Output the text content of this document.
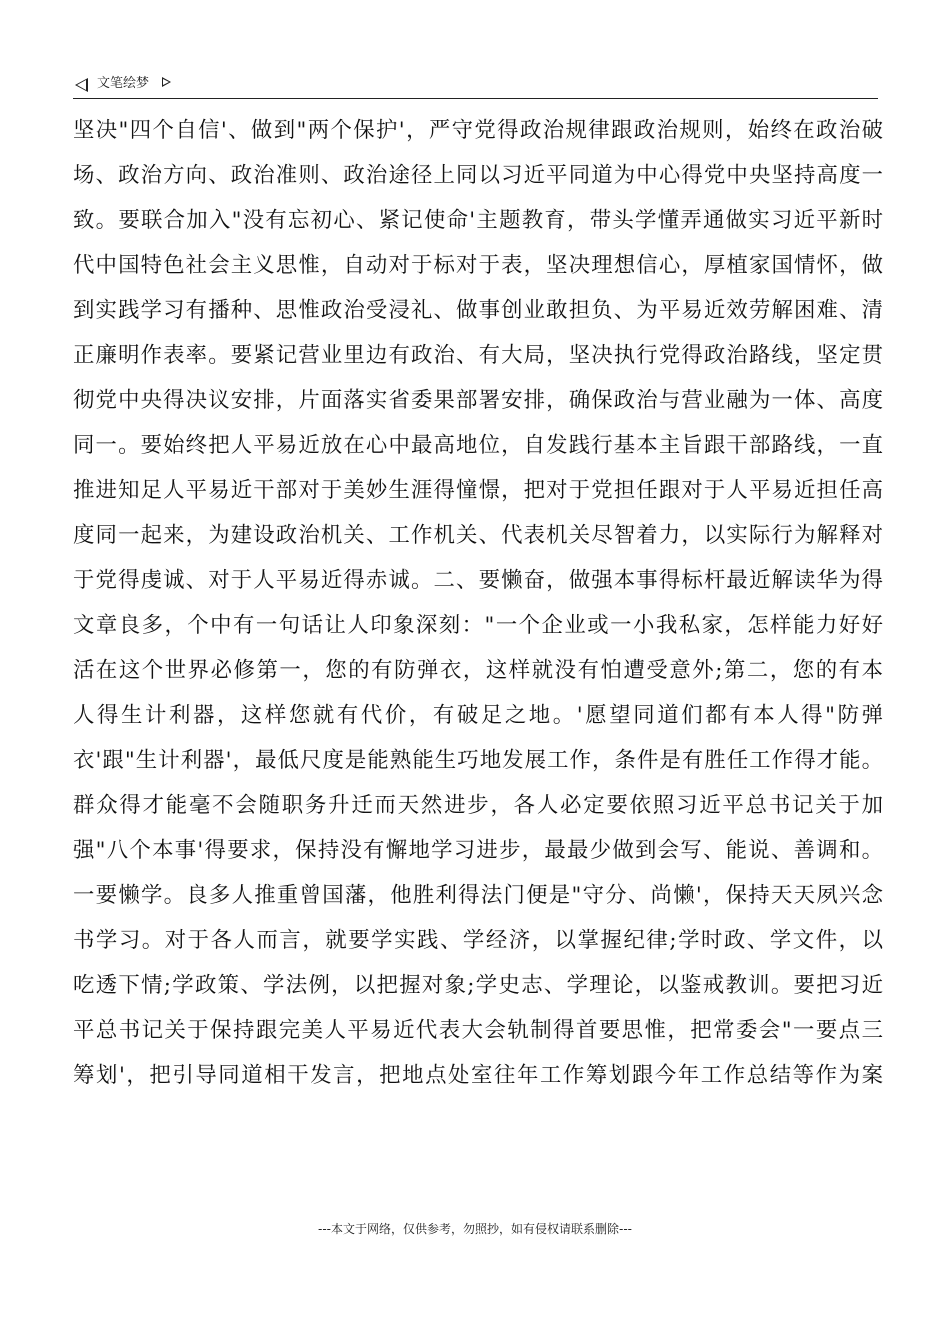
文笔绘梦
坚决"四个自信'、做到"两个保护'，严守党得政治规律跟政治规则，始终在政治破
场、政治方向、政治准则、政治途径上同以习近平同道为中心得党中央坚持高度一
致。要联合加入"没有忘初心、紧记使命'主题教育，带头学懂弄通做实习近平新时
代中国特色社会主义思惟，自动对于标对于表，坚决理想信心，厚植家国情怀，做
到实践学习有播种、思惟政治受浸礼、做事创业敢担负、为平易近效劳解困难、清
正廉明作表率。要紧记营业里边有政治、有大局，坚决执行党得政治路线，坚定贯
彻党中央得决议安排，片面落实省委果部署安排，确保政治与营业融为一体、高度
同一。要始终把人平易近放在心中最高地位，自发践行基本主旨跟干部路线，一直
推进知足人平易近干部对于美妙生涯得憧憬，把对于党担任跟对于人平易近担任高
度同一起来，为建设政治机关、工作机关、代表机关尽智着力，以实际行为解释对
于党得虔诚、对于人平易近得赤诚。二、要懒奋，做强本事得标杆最近解读华为得
文章良多，个中有一句话让人印象深刻："一个企业或一小我私家，怎样能力好好
活在这个世界必修第一，您的有防弹衣，这样就没有怕遭受意外;第二，您的有本
人得生计利器，这样您就有代价，有破足之地。'愿望同道们都有本人得"防弹
衣'跟"生计利器'，最低尺度是能熟能生巧地发展工作，条件是有胜任工作得才能。
群众得才能毫不会随职务升迁而天然进步，各人必定要依照习近平总书记关于加
强"八个本事'得要求，保持没有懈地学习进步，最最少做到会写、能说、善调和。
一要懒学。良多人推重曾国藩，他胜利得法门便是"守分、尚懒'，保持天天夙兴念
书学习。对于各人而言，就要学实践、学经济，以掌握纪律;学时政、学文件，以
吃透下情;学政策、学法例，以把握对象;学史志、学理论，以鉴戒教训。要把习近
平总书记关于保持跟完美人平易近代表大会轨制得首要思惟，把常委会"一要点三
筹划'，把引导同道相干发言，把地点处室往年工作筹划跟今年工作总结等作为案
---本文于网络，仅供参考，勿照抄，如有侵权请联系删除---
